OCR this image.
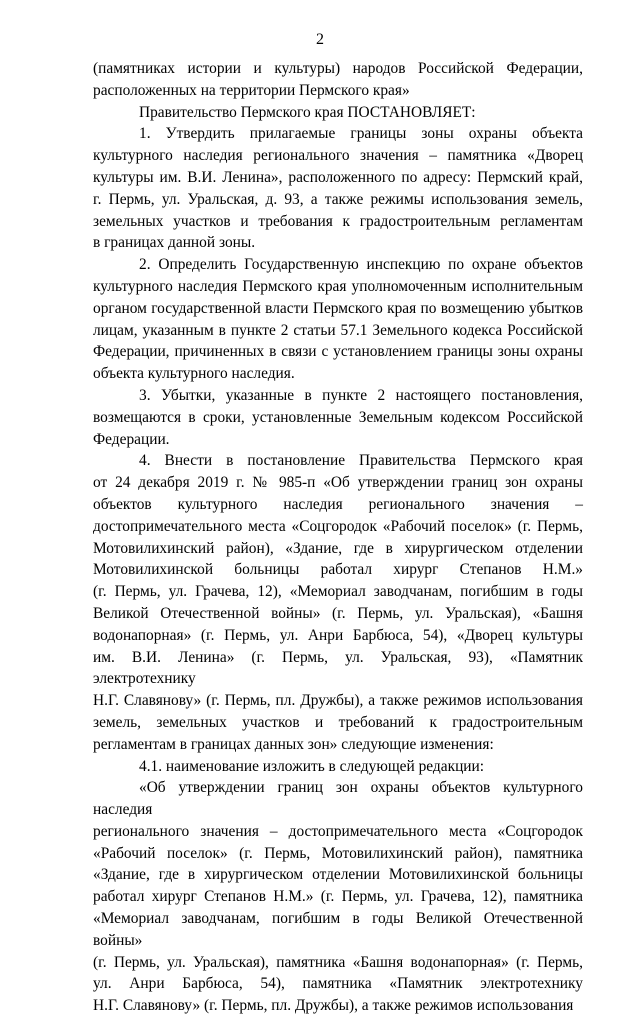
2
(памятниках истории и культуры) народов Российской Федерации,
расположенных на территории Пермского края»
Правительство Пермского края ПОСТАНОВЛЯЕТ:
1. Утвердить прилагаемые границы зоны охраны объекта
культурного наследия регионального значения – памятника «Дворец
культуры им. В.И. Ленина», расположенного по адресу: Пермский край,
г. Пермь, ул. Уральская, д. 93, а также режимы использования земель,
земельных участков и требования к градостроительным регламентам
в границах данной зоны.
2. Определить Государственную инспекцию по охране объектов
культурного наследия Пермского края уполномоченным исполнительным
органом государственной власти Пермского края по возмещению убытков
лицам, указанным в пункте 2 статьи 57.1 Земельного кодекса Российской
Федерации, причиненных в связи с установлением границы зоны охраны
объекта культурного наследия.
3. Убытки, указанные в пункте 2 настоящего постановления,
возмещаются в сроки, установленные Земельным кодексом Российской
Федерации.
4. Внести в постановление Правительства Пермского края
от 24 декабря 2019 г. № 985-п «Об утверждении границ зон охраны
объектов культурного наследия регионального значения –
достопримечательного места «Соцгородок «Рабочий поселок» (г. Пермь,
Мотовилихинский район), «Здание, где в хирургическом отделении
Мотовилихинской больницы работал хирург Степанов Н.М.»
(г. Пермь, ул. Грачева, 12), «Мемориал заводчанам, погибшим в годы
Великой Отечественной войны» (г. Пермь, ул. Уральская), «Башня
водонапорная» (г. Пермь, ул. Анри Барбюса, 54), «Дворец культуры
им. В.И. Ленина» (г. Пермь, ул. Уральская, 93), «Памятник электротехнику
Н.Г. Славянову» (г. Пермь, пл. Дружбы), а также режимов использования
земель, земельных участков и требований к градостроительным
регламентам в границах данных зон» следующие изменения:
4.1. наименование изложить в следующей редакции:
«Об утверждении границ зон охраны объектов культурного наследия
регионального значения – достопримечательного места «Соцгородок
«Рабочий поселок» (г. Пермь, Мотовилихинский район), памятника
«Здание, где в хирургическом отделении Мотовилихинской больницы
работал хирург Степанов Н.М.» (г. Пермь, ул. Грачева, 12), памятника
«Мемориал заводчанам, погибшим в годы Великой Отечественной войны»
(г. Пермь, ул. Уральская), памятника «Башня водонапорная» (г. Пермь,
ул. Анри Барбюса, 54), памятника «Памятник электротехнику
Н.Г. Славянову» (г. Пермь, пл. Дружбы), а также режимов использования
